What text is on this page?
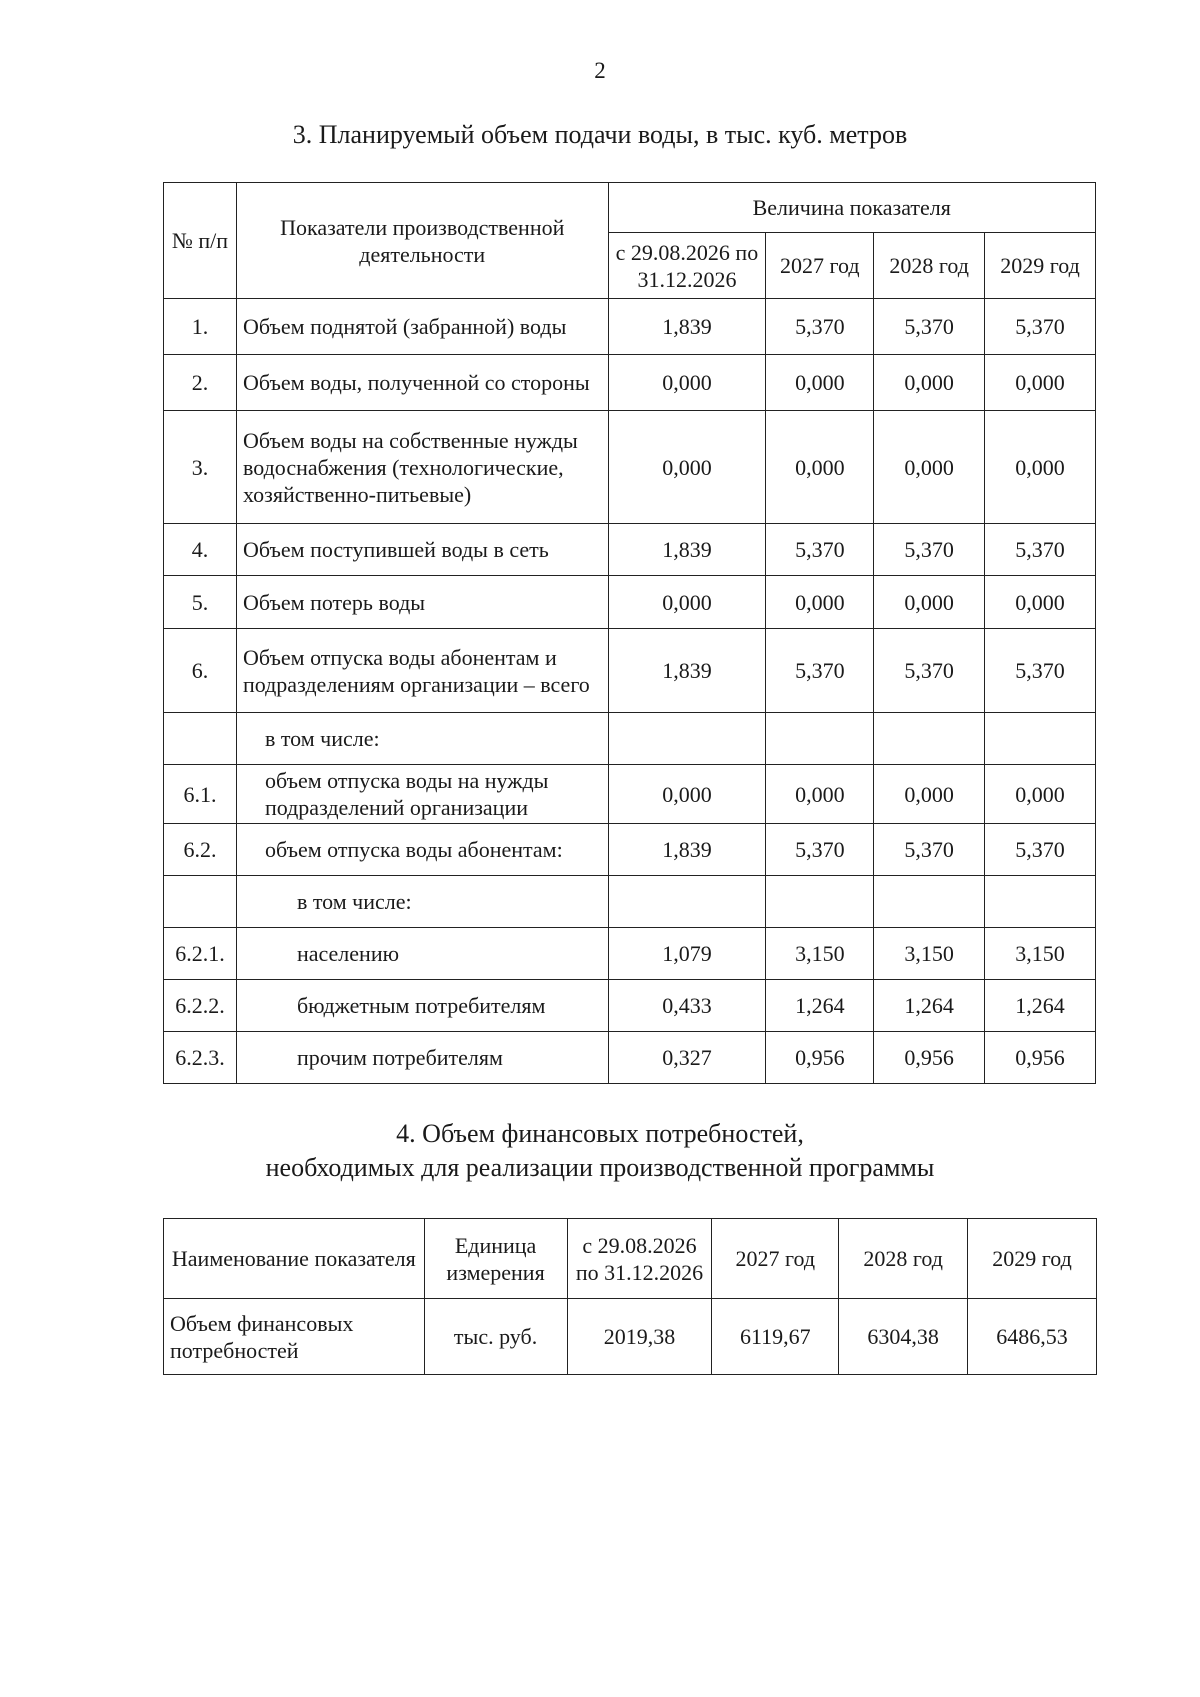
2
3. Планируемый объем подачи воды, в тыс. куб. метров
№ п/п	Показатели производственной деятельности	Величина показателя			
		с 29.08.2026 по 31.12.2026	2027 год	2028 год	2029 год
1.	Объем поднятой (забранной) воды	1,839	5,370	5,370	5,370
2.	Объем воды, полученной со стороны	0,000	0,000	0,000	0,000
3.	Объем воды на собственные нужды водоснабжения (технологические, хозяйственно-питьевые)	0,000	0,000	0,000	0,000
4.	Объем поступившей воды в сеть	1,839	5,370	5,370	5,370
5.	Объем потерь воды	0,000	0,000	0,000	0,000
6.	Объем отпуска воды абонентам и подразделениям организации – всего	1,839	5,370	5,370	5,370
	в том числе:				
6.1.	объем отпуска воды на нужды подразделений организации	0,000	0,000	0,000	0,000
6.2.	объем отпуска воды абонентам:	1,839	5,370	5,370	5,370
	в том числе:				
6.2.1.	населению	1,079	3,150	3,150	3,150
6.2.2.	бюджетным потребителям	0,433	1,264	1,264	1,264
6.2.3.	прочим потребителям	0,327	0,956	0,956	0,956
4. Объем финансовых потребностей,
необходимых для реализации производственной программы
Наименование показателя	Единица измерения	с 29.08.2026 по 31.12.2026	2027 год	2028 год	2029 год
Объем финансовых потребностей	тыс. руб.	2019,38	6119,67	6304,38	6486,53
